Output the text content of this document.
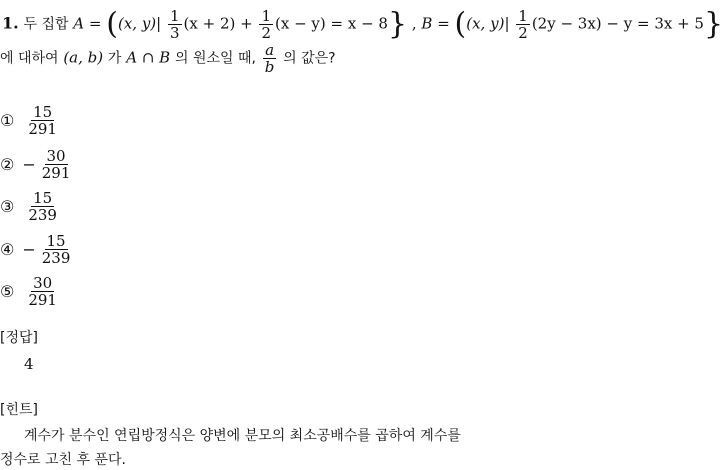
1. 두 집합 A = ((x, $y)| \frac{1}{3} (x + 2) + \frac{1}{2} (x - y) = x - 8$} , B = ((x, $y)| \frac{1}{2} (2y - 3x) - y = 3x + 5$}
에 대하여 (a, b) 가 A ∩ B 의 원소일 때, $\frac{a}{b}$ 의 값은?
① $\frac{15}{291}$
② − $\frac{30}{291}$
③ $\frac{15}{239}$
④ − $\frac{15}{239}$
⑤ $\frac{30}{291}$
[정답]
4
[힌트]
계수가 분수인 연립방정식은 양변에 분모의 최소공배수를 곱하여 계수를
정수로 고친 후 푼다.
